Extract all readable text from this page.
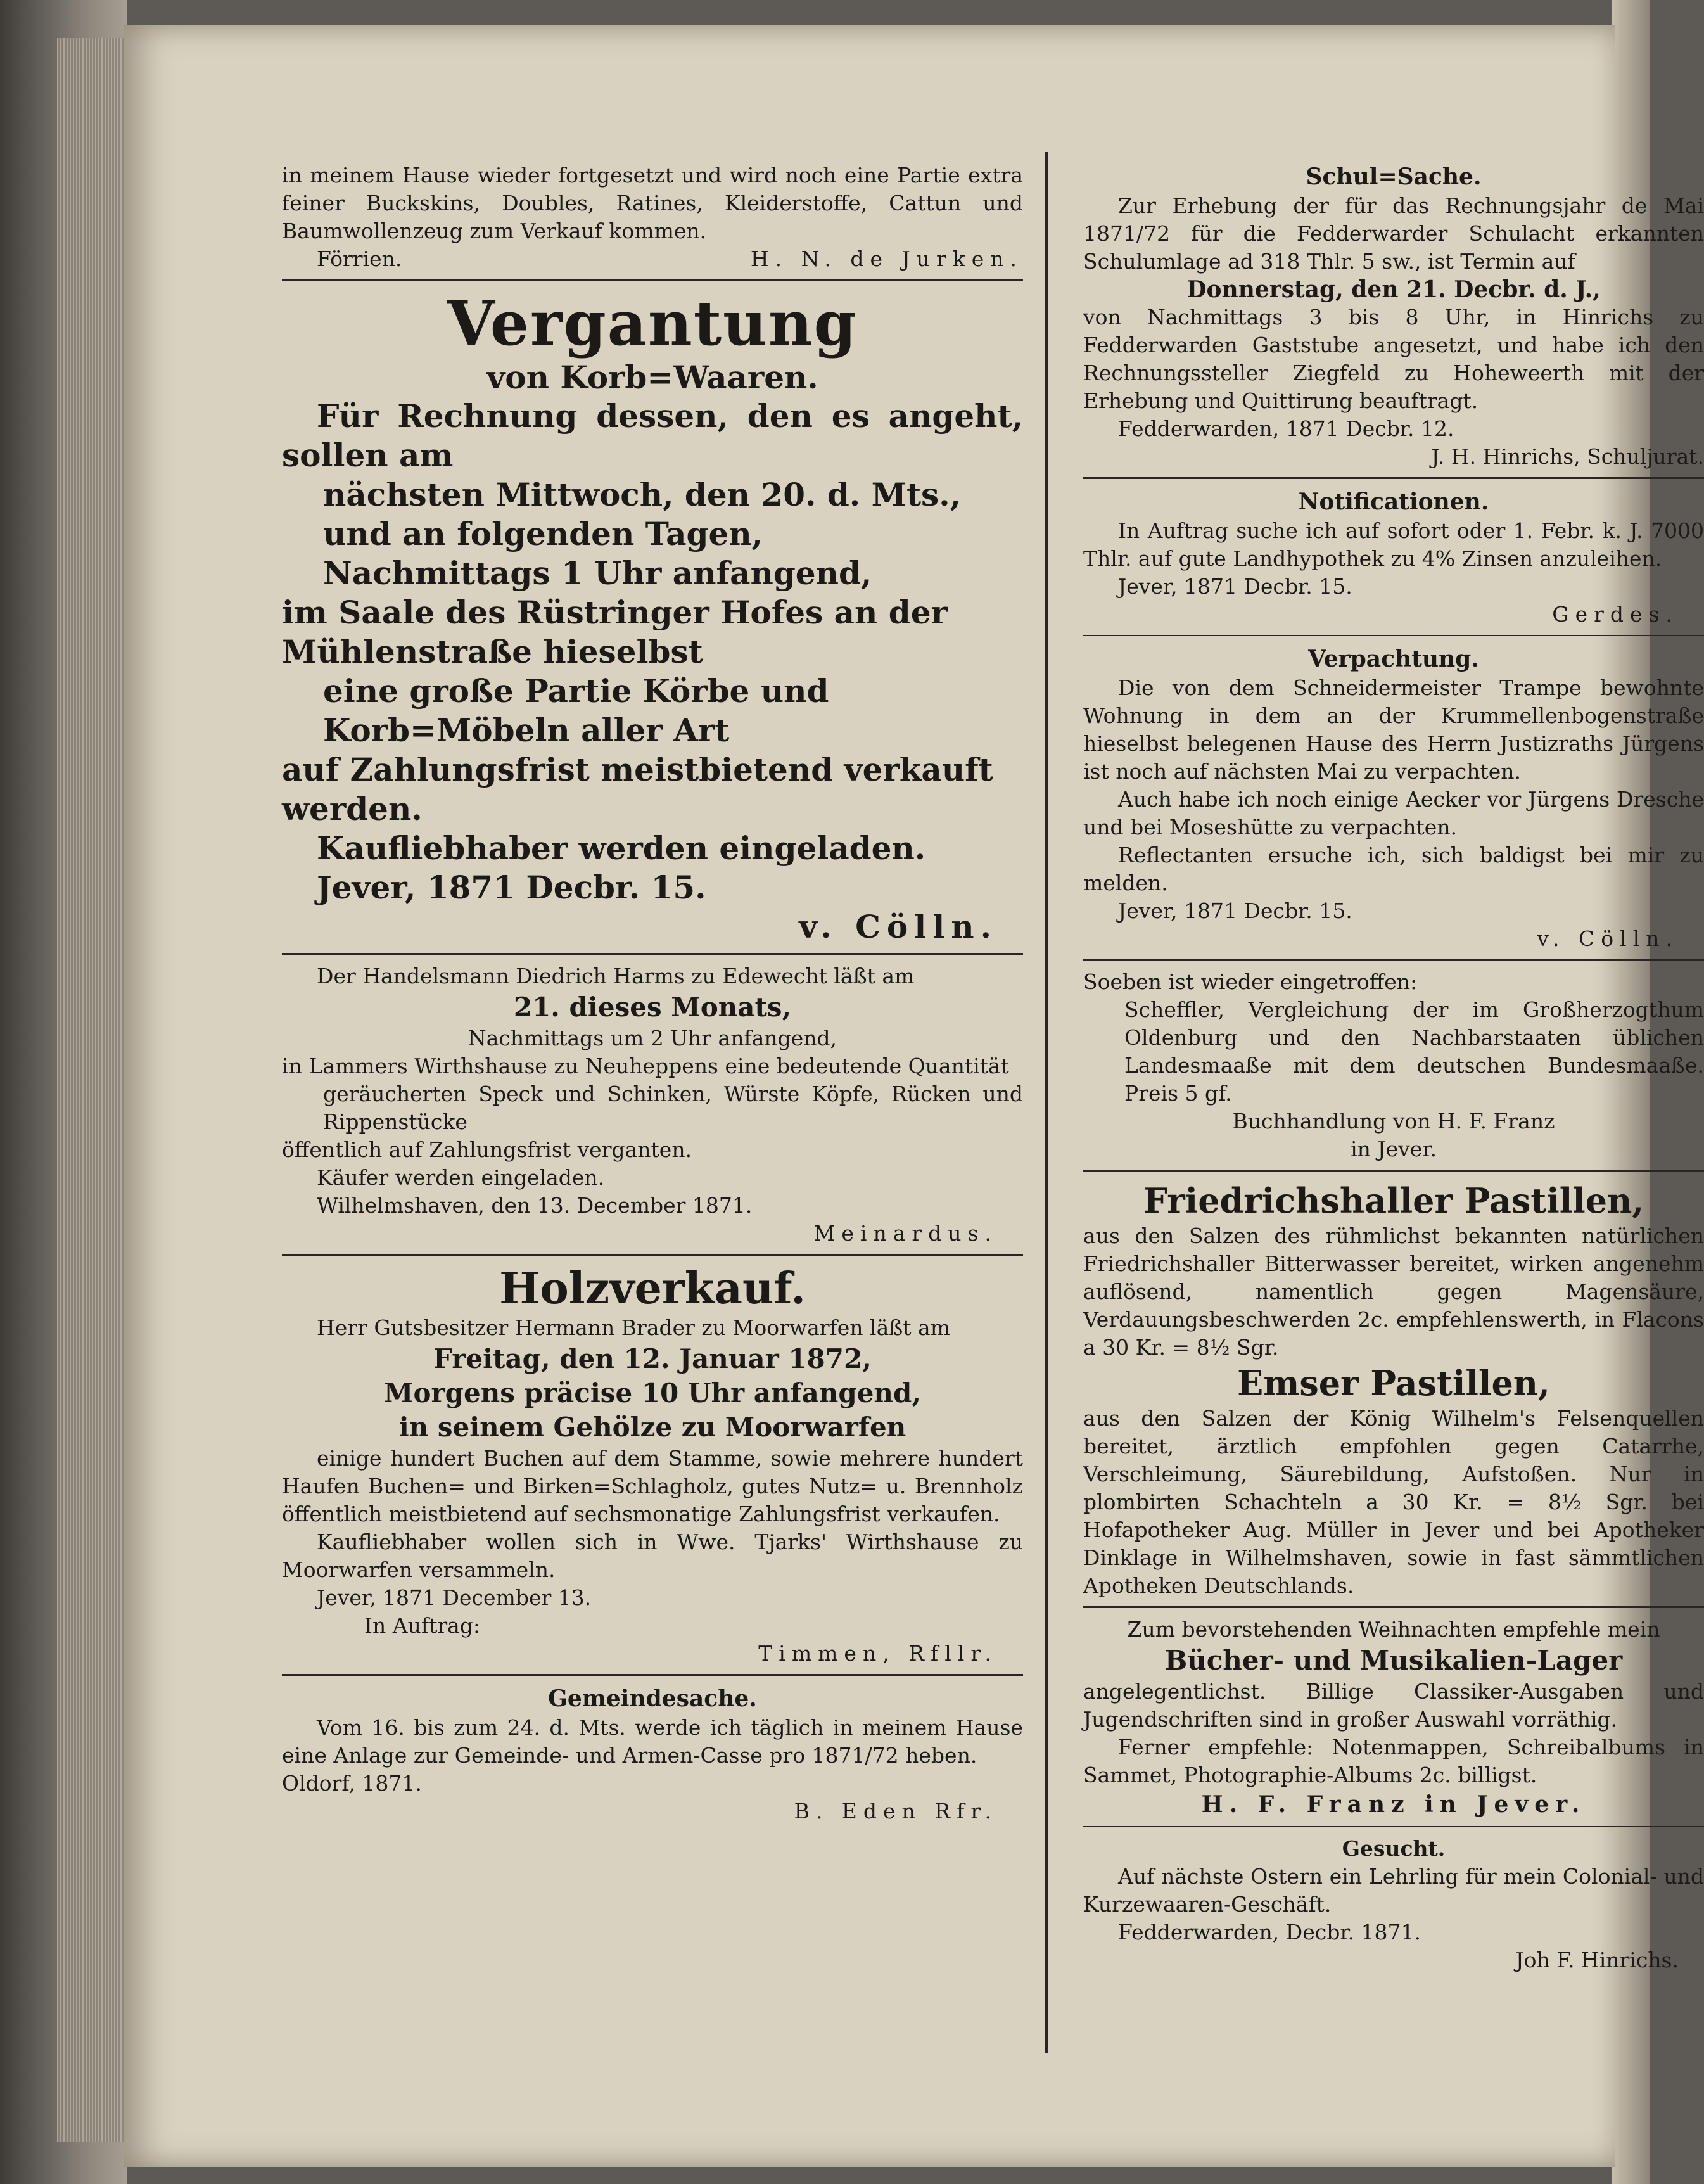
in meinem Hause wieder fortgesetzt und wird noch eine Partie extra feiner Buckskins, Doubles, Ratines, Kleiderstoffe, Cattun und Baumwollenzeug zum Verkauf kommen.

Förrien.	H. N. de Jurken.

Vergantung

von Korb=Waaren.

Für Rechnung dessen, den es angeht, sollen am

nächsten Mittwoch, den 20. d. Mts., und an folgenden Tagen,

Nachmittags 1 Uhr anfangend,

im Saale des Rüstringer Hofes an der Mühlenstraße hieselbst

eine große Partie Körbe und Korb=Möbeln aller Art

auf Zahlungsfrist meistbietend verkauft werden.

Kaufliebhaber werden eingeladen.

Jever, 1871 Decbr. 15.

v. Cölln.

Der Handelsmann Diedrich Harms zu Edewecht läßt am

21. dieses Monats,

Nachmittags um 2 Uhr anfangend,

in Lammers Wirthshause zu Neuheppens eine bedeutende Quantität

geräucherten Speck und Schinken, Würste Köpfe, Rücken und Rippenstücke

öffentlich auf Zahlungsfrist verganten.

Käufer werden eingeladen.

Wilhelmshaven, den 13. December 1871.

Meinardus.

Holzverkauf.

Herr Gutsbesitzer Hermann Brader zu Moorwarfen läßt am

Freitag, den 12. Januar 1872,

Morgens präcise 10 Uhr anfangend,

in seinem Gehölze zu Moorwarfen

einige hundert Buchen auf dem Stamme, sowie mehrere hundert Haufen Buchen= und Birken=Schlagholz, gutes Nutz= u. Brennholz öffentlich meistbietend auf sechsmonatige Zahlungsfrist verkaufen.

Kaufliebhaber wollen sich in Wwe. Tjarks' Wirthshause zu Moorwarfen versammeln.

Jever, 1871 December 13.

In Auftrag:

Timmen, Rfllr.

Gemeindesache.

Vom 16. bis zum 24. d. Mts. werde ich täglich in meinem Hause eine Anlage zur Gemeinde- und Armen-Casse pro 1871/72 heben.

Oldorf, 1871.

B. Eden Rfr.

Schul=Sache.

Zur Erhebung der für das Rechnungsjahr de Mai 1871/72 für die Fedderwarder Schulacht erkannten Schulumlage ad 318 Thlr. 5 sw., ist Termin auf

Donnerstag, den 21. Decbr. d. J.,

von Nachmittags 3 bis 8 Uhr, in Hinrichs zu Fedderwarden Gaststube angesetzt, und habe ich den Rechnungssteller Ziegfeld zu Hoheweerth mit der Erhebung und Quittirung beauftragt.

Fedderwarden, 1871 Decbr. 12.

J. H. Hinrichs, Schuljurat.

Notificationen.

In Auftrag suche ich auf sofort oder 1. Febr. k. J. 7000 Thlr. auf gute Landhypothek zu 4% Zinsen anzuleihen.

Jever, 1871 Decbr. 15.

Gerdes.

Verpachtung.

Die von dem Schneidermeister Trampe bewohnte Wohnung in dem an der Krummellenbogenstraße hieselbst belegenen Hause des Herrn Justizraths Jürgens ist noch auf nächsten Mai zu verpachten.

Auch habe ich noch einige Aecker vor Jürgens Dresche und bei Moseshütte zu verpachten.

Reflectanten ersuche ich, sich baldigst bei mir zu melden.

Jever, 1871 Decbr. 15.

v. Cölln.

Soeben ist wieder eingetroffen:

Scheffler, Vergleichung der im Großherzogthum Oldenburg und den Nachbarstaaten üblichen Landesmaaße mit dem deutschen Bundesmaaße. Preis 5 gf.

Buchhandlung von H. F. Franz

in Jever.

Friedrichshaller Pastillen,

aus den Salzen des rühmlichst bekannten natürlichen Friedrichshaller Bitterwasser bereitet, wirken angenehm auflösend, namentlich gegen Magensäure, Verdauungsbeschwerden 2c. empfehlenswerth, in Flacons a 30 Kr. = 8½ Sgr.

Emser Pastillen,

aus den Salzen der König Wilhelm's Felsenquellen bereitet, ärztlich empfohlen gegen Catarrhe, Verschleimung, Säurebildung, Aufstoßen. Nur in plombirten Schachteln a 30 Kr. = 8½ Sgr. bei Hofapotheker Aug. Müller in Jever und bei Apotheker Dinklage in Wilhelmshaven, sowie in fast sämmtlichen Apotheken Deutschlands.

Zum bevorstehenden Weihnachten empfehle mein

Bücher- und Musikalien-Lager

angelegentlichst. Billige Classiker-Ausgaben und Jugendschriften sind in großer Auswahl vorräthig.

Ferner empfehle: Notenmappen, Schreibalbums in Sammet, Photographie-Albums 2c. billigst.

H. F. Franz in Jever.

Gesucht.

Auf nächste Ostern ein Lehrling für mein Colonial- und Kurzewaaren-Geschäft.

Fedderwarden, Decbr. 1871.

Joh F. Hinrichs.
